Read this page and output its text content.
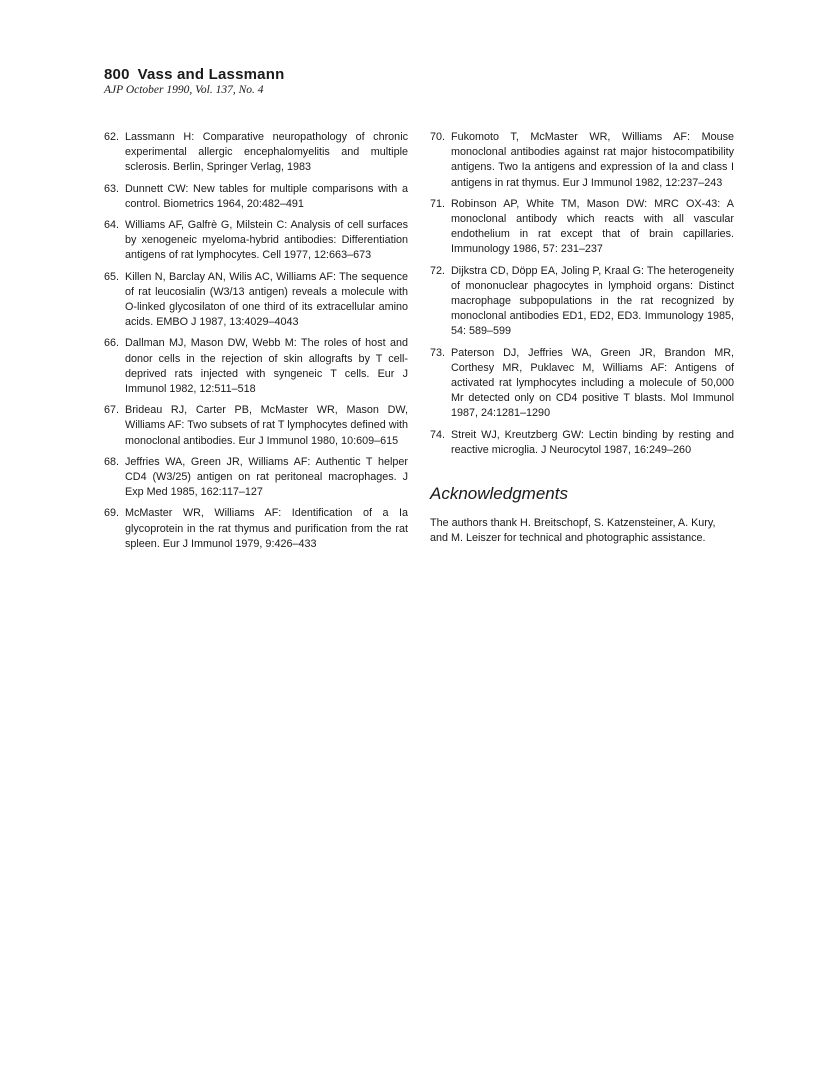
800 Vass and Lassmann
AJP October 1990, Vol. 137, No. 4

62. Lassmann H: Comparative neuropathology of chronic experimental allergic encephalomyelitis and multiple sclerosis. Berlin, Springer Verlag, 1983

63. Dunnett CW: New tables for multiple comparisons with a control. Biometrics 1964, 20:482–491

64. Williams AF, Galfrè G, Milstein C: Analysis of cell surfaces by xenogeneic myeloma-hybrid antibodies: Differentiation antigens of rat lymphocytes. Cell 1977, 12:663–673

65. Killen N, Barclay AN, Wilis AC, Williams AF: The sequence of rat leucosialin (W3/13 antigen) reveals a molecule with O-linked glycosilaton of one third of its extracellular amino acids. EMBO J 1987, 13:4029–4043

66. Dallman MJ, Mason DW, Webb M: The roles of host and donor cells in the rejection of skin allografts by T cell-deprived rats injected with syngeneic T cells. Eur J Immunol 1982, 12:511–518

67. Brideau RJ, Carter PB, McMaster WR, Mason DW, Williams AF: Two subsets of rat T lymphocytes defined with monoclonal antibodies. Eur J Immunol 1980, 10:609–615

68. Jeffries WA, Green JR, Williams AF: Authentic T helper CD4 (W3/25) antigen on rat peritoneal macrophages. J Exp Med 1985, 162:117–127

69. McMaster WR, Williams AF: Identification of a Ia glycoprotein in the rat thymus and purification from the rat spleen. Eur J Immunol 1979, 9:426–433

70. Fukomoto T, McMaster WR, Williams AF: Mouse monoclonal antibodies against rat major histocompatibility antigens. Two Ia antigens and expression of Ia and class I antigens in rat thymus. Eur J Immunol 1982, 12:237–243

71. Robinson AP, White TM, Mason DW: MRC OX-43: A monoclonal antibody which reacts with all vascular endothelium in rat except that of brain capillaries. Immunology 1986, 57: 231–237

72. Dijkstra CD, Döpp EA, Joling P, Kraal G: The heterogeneity of mononuclear phagocytes in lymphoid organs: Distinct macrophage subpopulations in the rat recognized by monoclonal antibodies ED1, ED2, ED3. Immunology 1985, 54: 589–599

73. Paterson DJ, Jeffries WA, Green JR, Brandon MR, Corthesy MR, Puklavec M, Williams AF: Antigens of activated rat lymphocytes including a molecule of 50,000 Mr detected only on CD4 positive T blasts. Mol Immunol 1987, 24:1281–1290

74. Streit WJ, Kreutzberg GW: Lectin binding by resting and reactive microglia. J Neurocytol 1987, 16:249–260

Acknowledgments

The authors thank H. Breitschopf, S. Katzensteiner, A. Kury, and M. Leiszer for technical and photographic assistance.
